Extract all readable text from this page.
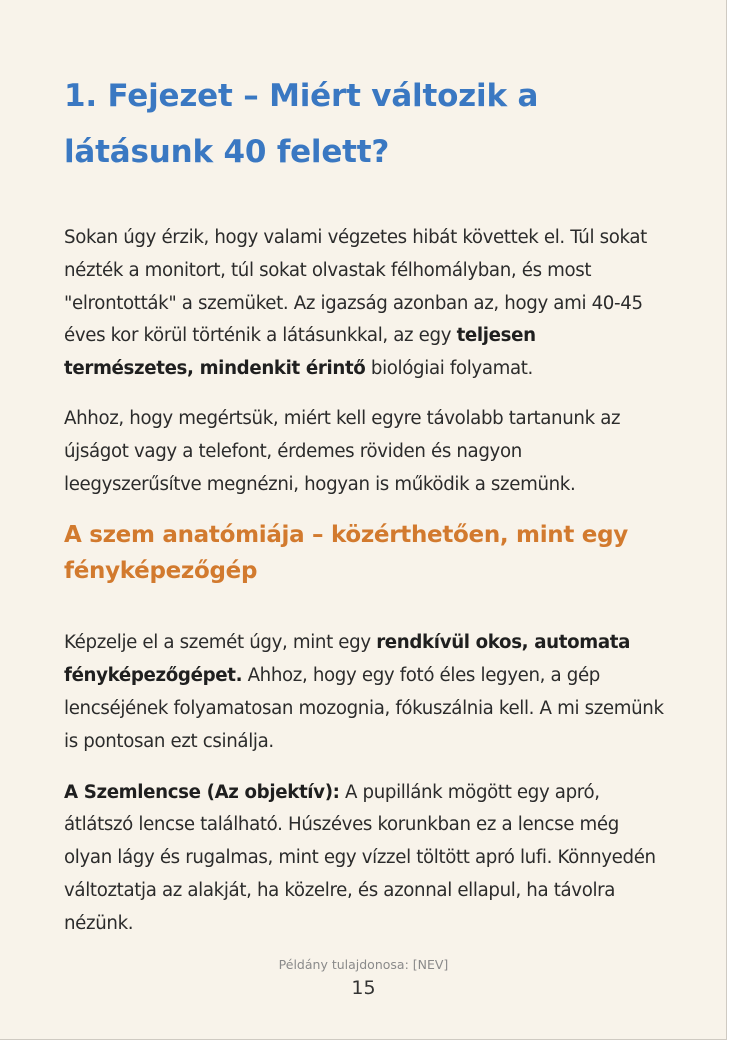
1. Fejezet – Miért változik a
látásunk 40 felett?

Sokan úgy érzik, hogy valami végzetes hibát követtek el. Túl sokat nézték a monitort, túl sokat olvastak félhomályban, és most "elrontották" a szemüket. Az igazság azonban az, hogy ami 40-45 éves kor körül történik a látásunkkal, az egy teljesen természetes, mindenkit érintő biológiai folyamat.

Ahhoz, hogy megértsük, miért kell egyre távolabb tartanunk az újságot vagy a telefont, érdemes röviden és nagyon leegyszerűsítve megnézni, hogyan is működik a szemünk.

A szem anatómiája – közérthetően, mint egy
fényképezőgép

Képzelje el a szemét úgy, mint egy rendkívül okos, automata fényképezőgépet. Ahhoz, hogy egy fotó éles legyen, a gép lencséjének folyamatosan mozognia, fókuszálnia kell. A mi szemünk is pontosan ezt csinálja.

A Szemlencse (Az objektív): A pupillánk mögött egy apró, átlátszó lencse található. Húszéves korunkban ez a lencse még olyan lágy és rugalmas, mint egy vízzel töltött apró lufi. Könnyedén változtatja az alakját, ha közelre, és azonnal ellapul, ha távolra nézünk.

Példány tulajdonosa: [NEV]
15
